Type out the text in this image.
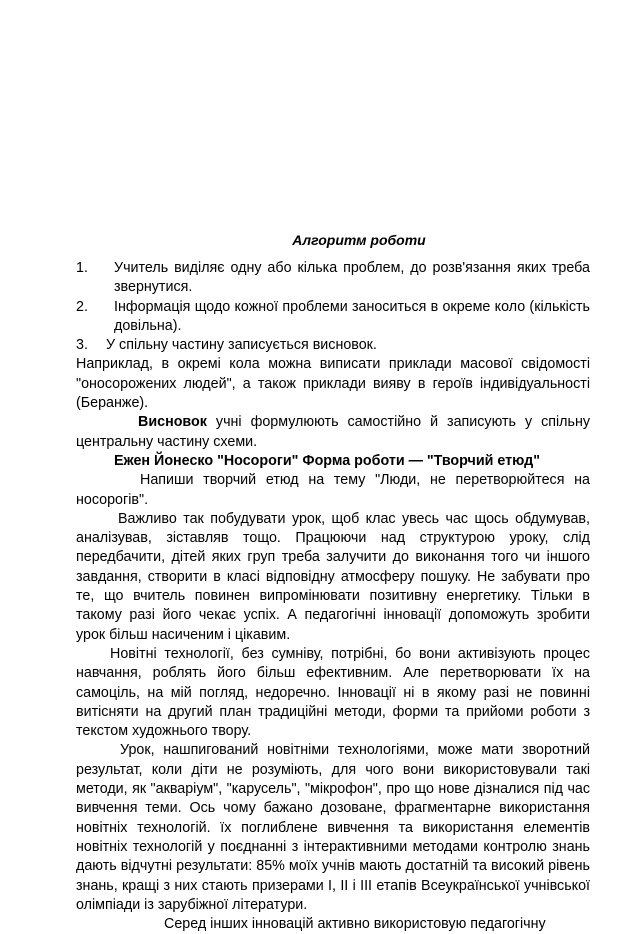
Алгоритм роботи
1.	Учитель виділяє одну або кілька проблем, до розв'язання яких треба звернутися.
2.	Інформація щодо кожної проблеми заноситься в окреме коло (кількість довільна).
3.	У спільну частину записується висновок.

Наприклад, в окремі кола можна виписати приклади масової свідомості "оносорожених людей", а також приклади вияву в героїв індивідуальності (Беранже).

Висновок учні формулюють самостійно й записують у спільну центральну частину схеми.

Ежен Йонеско "Носороги" Форма роботи — "Творчий етюд"

Напиши творчий етюд на тему "Люди, не перетворюйтеся на носорогів".

Важливо так побудувати урок, щоб клас увесь час щось обдумував, аналізував, зіставляв тощо. Працюючи над структурою уроку, слід передбачити, дітей яких груп треба залучити до виконання того чи іншого завдання, створити в класі відповідну атмосферу пошуку. Не забувати про те, що вчитель повинен випромінювати позитивну енергетику. Тільки в такому разі його чекає успіх. А педагогічні інновації допоможуть зробити урок більш насиченим і цікавим.

Новітні технології, без сумніву, потрібні, бо вони активізують процес навчання, роблять його більш ефективним. Але перетворювати їх на самоціль, на мій погляд, недоречно. Інновації ні в якому разі не повинні витісняти на другий план традиційні методи, форми та прийоми роботи з текстом художнього твору.

Урок, нашпигований новітніми технологіями, може мати зворотний результат, коли діти не розуміють, для чого вони використовували такі методи, як "акваріум", "карусель", "мікрофон", про що нове дізналися під час вивчення теми. Ось чому бажано дозоване, фрагментарне використання новітніх технологій. їх поглиблене вивчення та використання елементів новітніх технологій у поєднанні з інтерактивними методами контролю знань дають відчутні результати: 85% моїх учнів мають достатній та високий рівень знань, кращі з них стають призерами І, ІІ і ІІІ етапів Всеукраїнської учнівської олімпіади із зарубіжної літератури.

Серед інших інновацій активно використовую педагогічну
